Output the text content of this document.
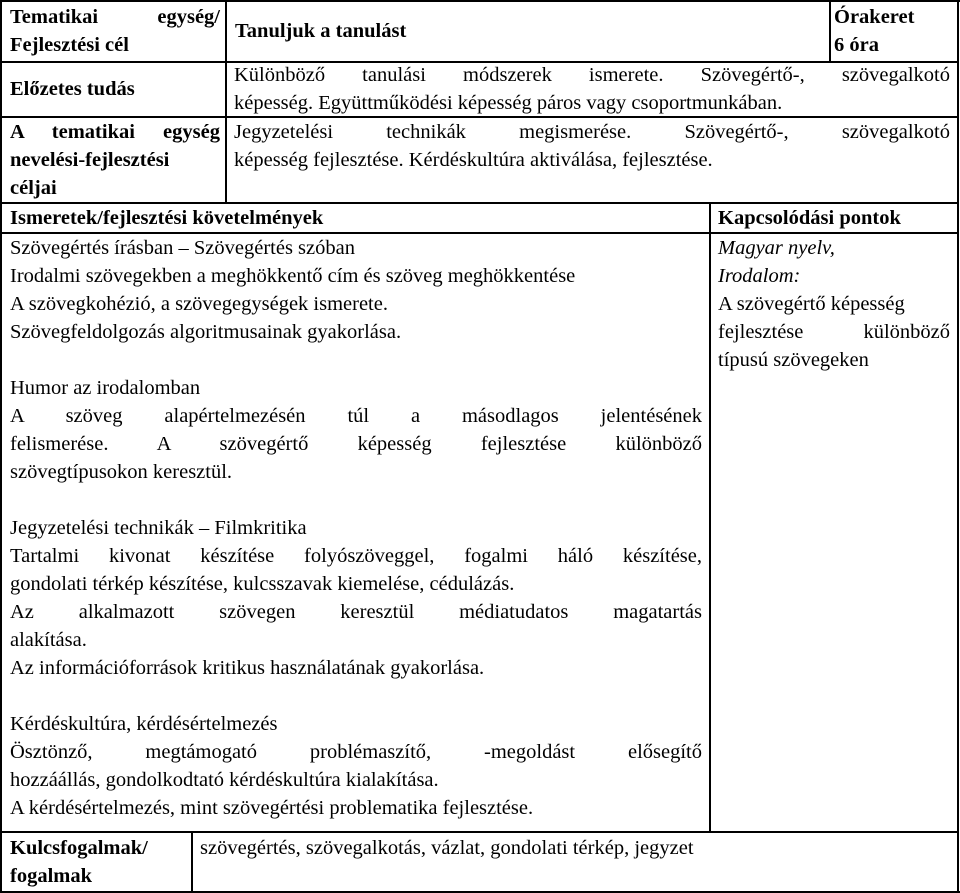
Tematikai egység/
Fejlesztési cél
Tanuljuk a tanulást
Órakeret
6 óra
Előzetes tudás
Különböző tanulási módszerek ismerete. Szövegértő-, szövegalkotó
képesség. Együttműködési képesség páros vagy csoportmunkában.
A tematikai egység
nevelési-fejlesztési
céljai
Jegyzetelési technikák megismerése. Szövegértő-, szövegalkotó
képesség fejlesztése. Kérdéskultúra aktiválása, fejlesztése.
Ismeretek/fejlesztési követelmények	Kapcsolódási pontok
Szövegértés írásban – Szövegértés szóban
Irodalmi szövegekben a meghökkentő cím és szöveg meghökkentése
A szövegkohézió, a szövegegységek ismerete.
Szövegfeldolgozás algoritmusainak gyakorlása.
Humor az irodalomban
A szöveg alapértelmezésén túl a másodlagos jelentésének
felismerése. A szövegértő képesség fejlesztése különböző
szövegtípusokon keresztül.
Jegyzetelési technikák – Filmkritika
Tartalmi kivonat készítése folyószöveggel, fogalmi háló készítése,
gondolati térkép készítése, kulcsszavak kiemelése, cédulázás.
Az alkalmazott szövegen keresztül médiatudatos magatartás
alakítása.
Az információforrások kritikus használatának gyakorlása.
Kérdéskultúra, kérdésértelmezés
Ösztönző, megtámogató problémaszítő, -megoldást elősegítő
hozzáállás, gondolkodtató kérdéskultúra kialakítása.
A kérdésértelmezés, mint szövegértési problematika fejlesztése.
Magyar nyelv,
Irodalom:
A szövegértő képesség
fejlesztése különböző
típusú szövegeken
Kulcsfogalmak/
fogalmak
szövegértés, szövegalkotás, vázlat, gondolati térkép, jegyzet
